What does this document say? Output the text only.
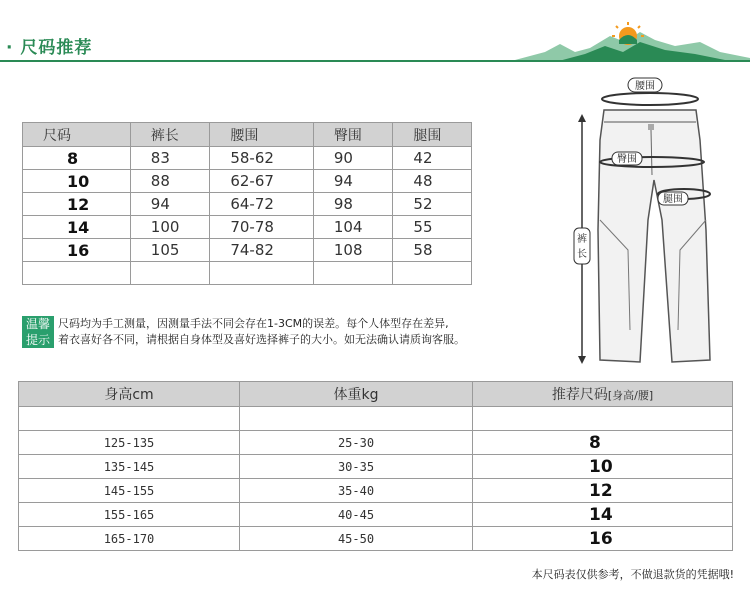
· 尺码推荐
尺码	裤长	腰围	臀围	腿围
8	83	58-62	90	42
10	88	62-67	94	48
12	94	64-72	98	52
14	100	70-78	104	55
16	105	74-82	108	58

温馨
提示
尺码均为手工测量，因测量手法不同会存在1-3CM的误差。每个人体型存在差异,
着衣喜好各不同，请根据自身体型及喜好选择裤子的大小。如无法确认请质询客服。
腰围
臀围
腿围
裤
长
身高cm	体重kg	推荐尺码[身高/腰]

125-135	25-30	8
135-145	30-35	10
145-155	35-40	12
155-165	40-45	14
165-170	45-50	16
本尺码表仅供参考，不做退款货的凭据哦!
